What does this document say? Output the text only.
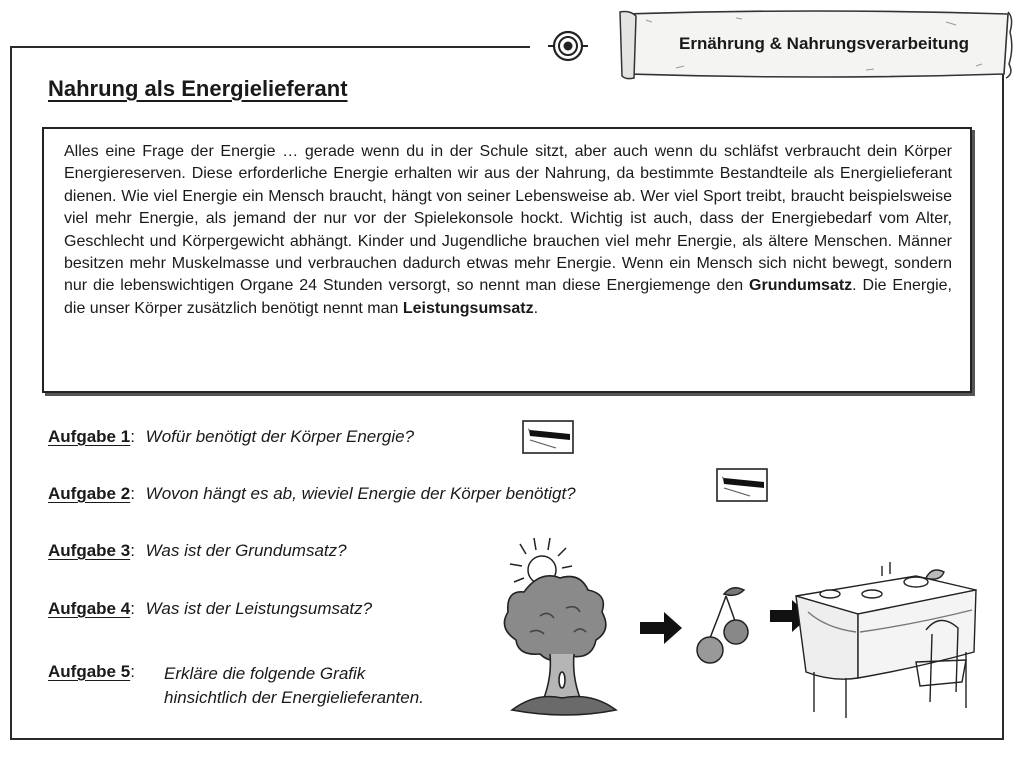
Ernährung & Nahrungsverarbeitung
Nahrung als Energielieferant
Alles eine Frage der Energie … gerade wenn du in der Schule sitzt, aber auch wenn du schläfst verbraucht dein Körper Energiereserven. Diese erforderliche Energie erhalten wir aus der Nahrung, da bestimmte Bestandteile als Energielieferant dienen. Wie viel Energie ein Mensch braucht, hängt von seiner Lebensweise ab. Wer viel Sport treibt, braucht beispielsweise viel mehr Energie, als jemand der nur vor der Spielekonsole hockt. Wichtig ist auch, dass der Energiebedarf vom Alter, Geschlecht und Körpergewicht abhängt. Kinder und Jugendliche brauchen viel mehr Energie, als ältere Menschen. Männer besitzen mehr Muskelmasse und verbrauchen dadurch etwas mehr Energie. Wenn ein Mensch sich nicht bewegt, sondern nur die lebenswichtigen Organe 24 Stunden versorgt, so nennt man diese Energiemenge den Grundumsatz. Die Energie, die unser Körper zusätzlich benötigt nennt man Leistungsumsatz.
Aufgabe 1: Wofür benötigt der Körper Energie?
Aufgabe 2: Wovon hängt es ab, wieviel Energie der Körper benötigt?
Aufgabe 3: Was ist der Grundumsatz?
Aufgabe 4: Was ist der Leistungsumsatz?
Aufgabe 5: Erkläre die folgende Grafik
hinsichtlich der Energielieferanten.
